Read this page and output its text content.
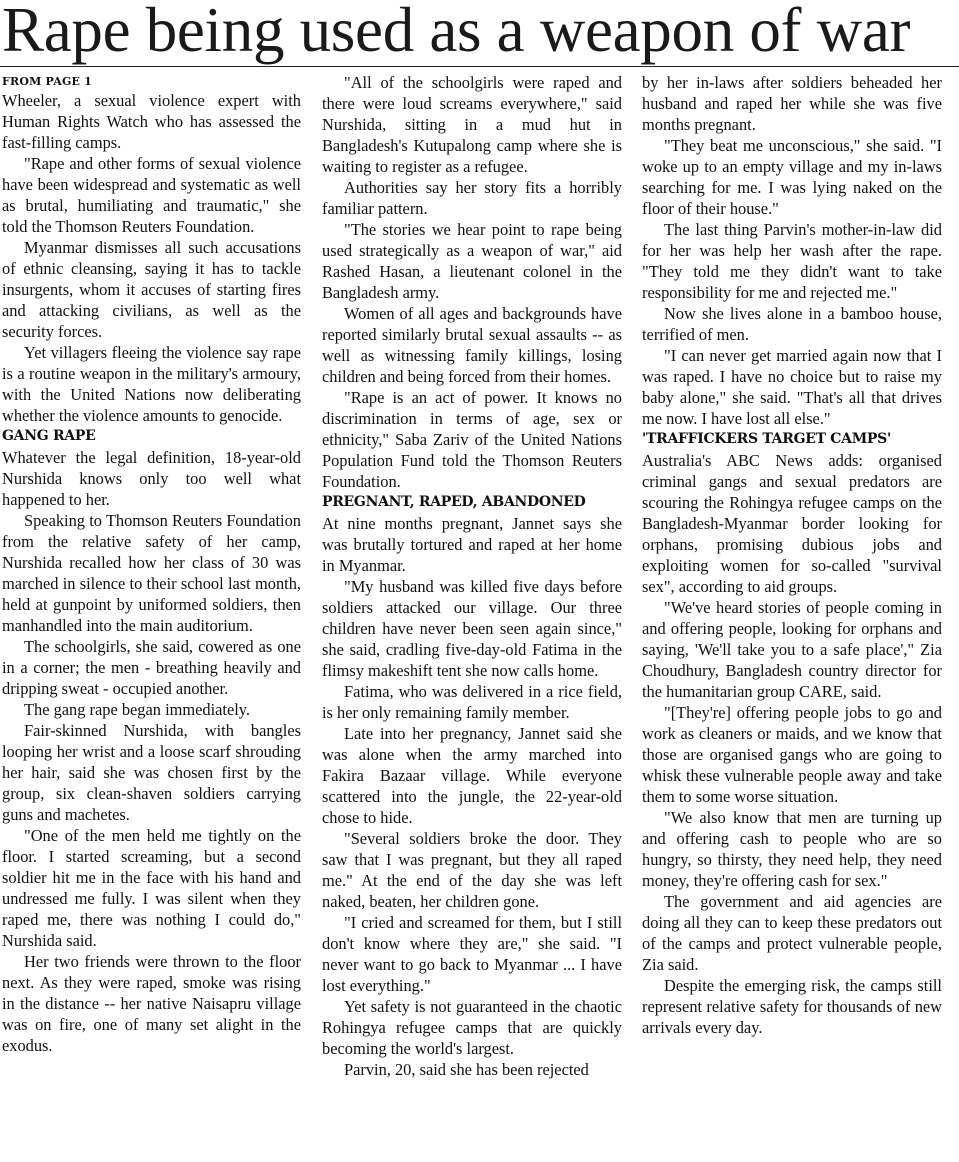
Rape being used as a weapon of war
FROM PAGE 1

Wheeler, a sexual violence expert with Human Rights Watch who has assessed the fast-filling camps.

"Rape and other forms of sexual violence have been widespread and systematic as well as brutal, humiliating and traumatic," she told the Thomson Reuters Foundation.

Myanmar dismisses all such accusations of ethnic cleansing, saying it has to tackle insurgents, whom it accuses of starting fires and attacking civilians, as well as the security forces.

Yet villagers fleeing the violence say rape is a routine weapon in the military's armoury, with the United Nations now deliberating whether the violence amounts to genocide.

GANG RAPE

Whatever the legal definition, 18-year-old Nurshida knows only too well what happened to her.

Speaking to Thomson Reuters Foundation from the relative safety of her camp, Nurshida recalled how her class of 30 was marched in silence to their school last month, held at gunpoint by uniformed soldiers, then manhandled into the main auditorium.

The schoolgirls, she said, cowered as one in a corner; the men - breathing heavily and dripping sweat - occupied another.

The gang rape began immediately.

Fair-skinned Nurshida, with bangles looping her wrist and a loose scarf shrouding her hair, said she was chosen first by the group, six clean-shaven soldiers carrying guns and machetes.

"One of the men held me tightly on the floor. I started screaming, but a second soldier hit me in the face with his hand and undressed me fully. I was silent when they raped me, there was nothing I could do," Nurshida said.

Her two friends were thrown to the floor next. As they were raped, smoke was rising in the distance -- her native Naisapru village was on fire, one of many set alight in the exodus.

"All of the schoolgirls were raped and there were loud screams everywhere," said Nurshida, sitting in a mud hut in Bangladesh's Kutupalong camp where she is waiting to register as a refugee.

Authorities say her story fits a horribly familiar pattern.

"The stories we hear point to rape being used strategically as a weapon of war," aid Rashed Hasan, a lieutenant colonel in the Bangladesh army.

Women of all ages and backgrounds have reported similarly brutal sexual assaults -- as well as witnessing family killings, losing children and being forced from their homes.

"Rape is an act of power. It knows no discrimination in terms of age, sex or ethnicity," Saba Zariv of the United Nations Population Fund told the Thomson Reuters Foundation.

PREGNANT, RAPED, ABANDONED

At nine months pregnant, Jannet says she was brutally tortured and raped at her home in Myanmar.

"My husband was killed five days before soldiers attacked our village. Our three children have never been seen again since," she said, cradling five-day-old Fatima in the flimsy makeshift tent she now calls home.

Fatima, who was delivered in a rice field, is her only remaining family member.

Late into her pregnancy, Jannet said she was alone when the army marched into Fakira Bazaar village. While everyone scattered into the jungle, the 22-year-old chose to hide.

"Several soldiers broke the door. They saw that I was pregnant, but they all raped me." At the end of the day she was left naked, beaten, her children gone.

"I cried and screamed for them, but I still don't know where they are," she said. "I never want to go back to Myanmar ... I have lost everything."

Yet safety is not guaranteed in the chaotic Rohingya refugee camps that are quickly becoming the world's largest.

Parvin, 20, said she has been rejected

by her in-laws after soldiers beheaded her husband and raped her while she was five months pregnant.

"They beat me unconscious," she said. "I woke up to an empty village and my in-laws searching for me. I was lying naked on the floor of their house."

The last thing Parvin's mother-in-law did for her was help her wash after the rape. "They told me they didn't want to take responsibility for me and rejected me."

Now she lives alone in a bamboo house, terrified of men.

"I can never get married again now that I was raped. I have no choice but to raise my baby alone," she said. "That's all that drives me now. I have lost all else."

'TRAFFICKERS TARGET CAMPS'

Australia's ABC News adds: organised criminal gangs and sexual predators are scouring the Rohingya refugee camps on the Bangladesh-Myanmar border looking for orphans, promising dubious jobs and exploiting women for so-called "survival sex", according to aid groups.

"We've heard stories of people coming in and offering people, looking for orphans and saying, 'We'll take you to a safe place'," Zia Choudhury, Bangladesh country director for the humanitarian group CARE, said.

"[They're] offering people jobs to go and work as cleaners or maids, and we know that those are organised gangs who are going to whisk these vulnerable people away and take them to some worse situation.

"We also know that men are turning up and offering cash to people who are so hungry, so thirsty, they need help, they need money, they're offering cash for sex."

The government and aid agencies are doing all they can to keep these predators out of the camps and protect vulnerable people, Zia said.

Despite the emerging risk, the camps still represent relative safety for thousands of new arrivals every day.
